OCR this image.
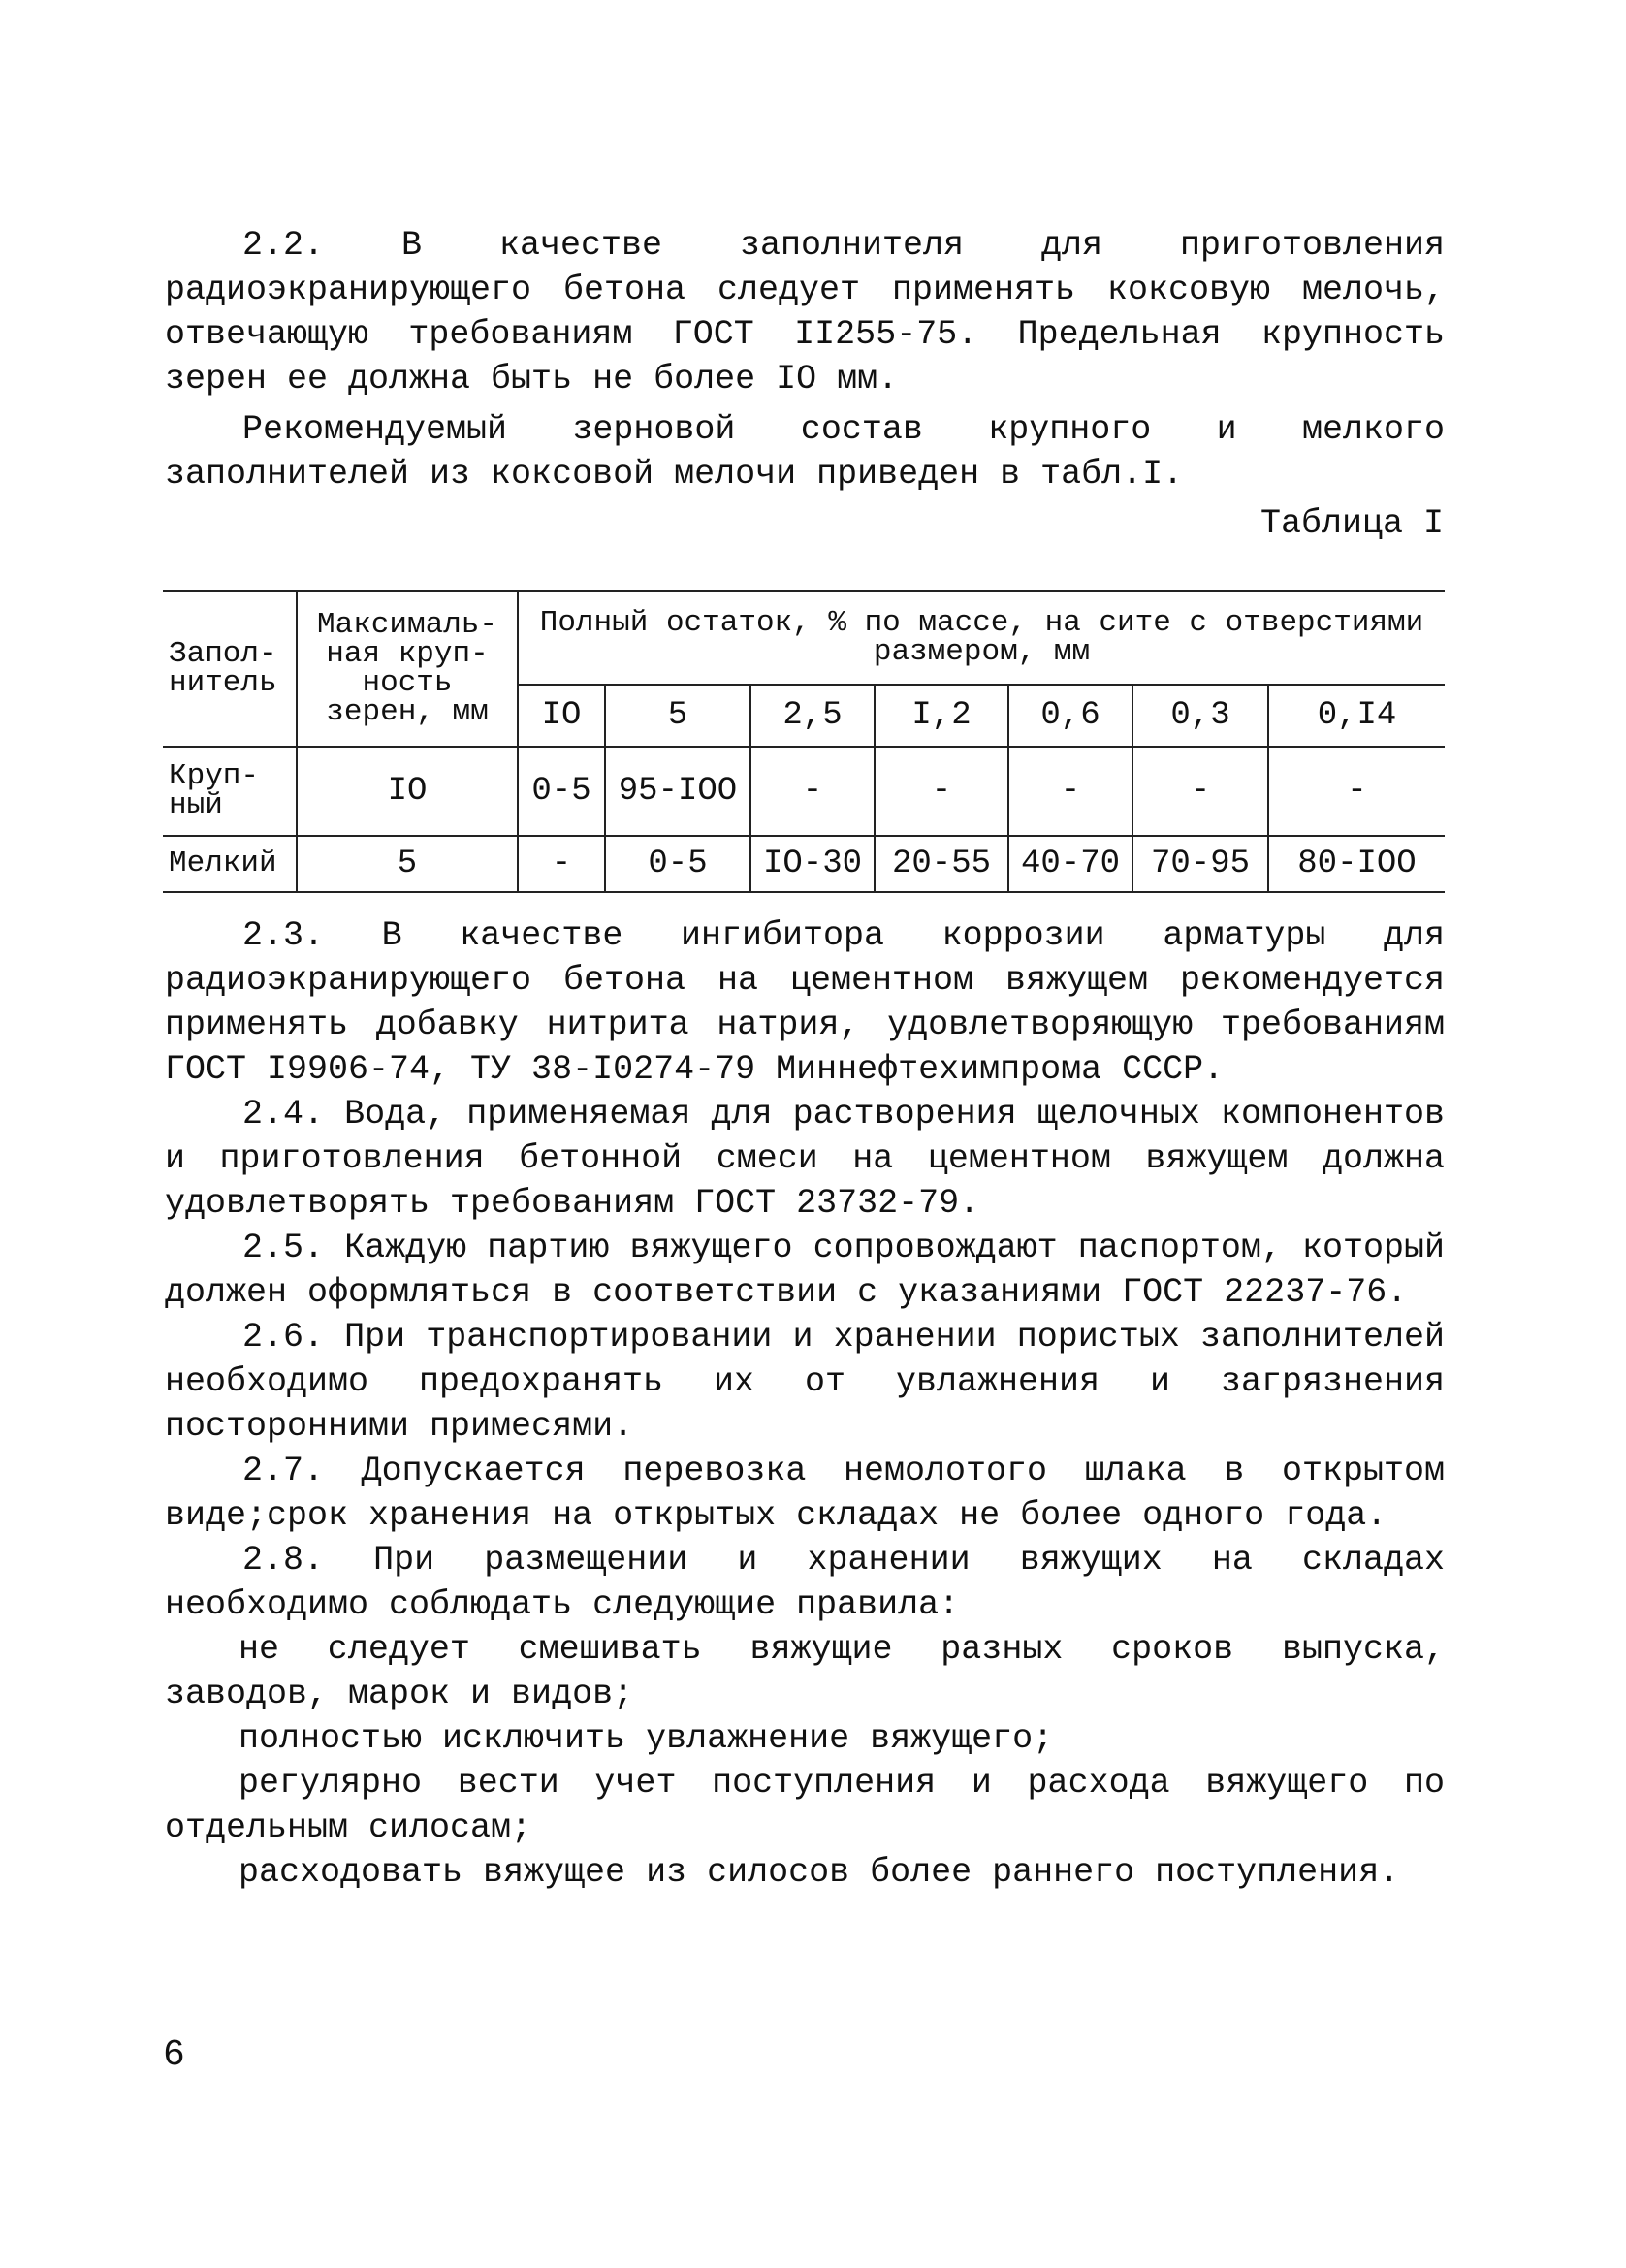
2.2. В качестве заполнителя для приготовления радиоэкранирующего бетона следует применять коксовую мелочь, отвечающую требованиям ГОСТ II255-75. Предельная крупность зерен ее должна быть не более IO мм.

Рекомендуемый зерновой состав крупного и мелкого заполнителей из коксовой мелочи приведен в табл.I.

Таблица I
Запол-нитель	Максималь-ная круп-ность зерен, мм	Полный остаток, % по массе, на сите с отверстиями размером, мм						
		IO	5	2,5	I,2	0,6	0,3	0,I4
Круп-ный	IO	0-5	95-IOO	-	-	-	-	-
Мелкий	5	-	0-5	IO-30	20-55	40-70	70-95	80-IOO

2.3. В качестве ингибитора коррозии арматуры для радиоэкранирующего бетона на цементном вяжущем рекомендуется применять добавку нитрита натрия, удовлетворяющую требованиям ГОСТ I9906-74, ТУ 38-I0274-79 Миннефтехимпрома СССР.

2.4. Вода, применяемая для растворения щелочных компонентов и приготовления бетонной смеси на цементном вяжущем должна удовлетворять требованиям ГОСТ 23732-79.

2.5. Каждую партию вяжущего сопровождают паспортом, который должен оформляться в соответствии с указаниями ГОСТ 22237-76.

2.6. При транспортировании и хранении пористых заполнителей необходимо предохранять их от увлажнения и загрязнения посторонними примесями.

2.7. Допускается перевозка немолотого шлака в открытом виде;срок хранения на открытых складах не более одного года.

2.8. При размещении и хранении вяжущих на складах необходимо соблюдать следующие правила:

не следует смешивать вяжущие разных сроков выпуска, заводов, марок и видов;

полностью исключить увлажнение вяжущего;

регулярно вести учет поступления и расхода вяжущего по отдельным силосам;

расходовать вяжущее из силосов более раннего поступления.

6
